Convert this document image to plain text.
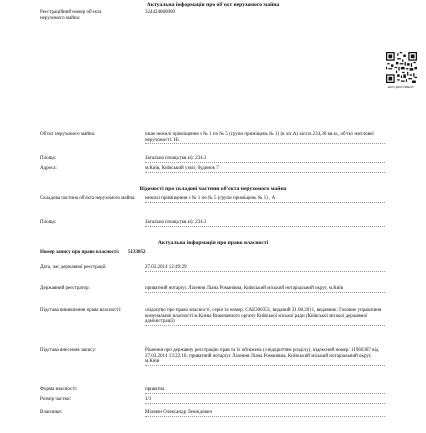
Актуальна інформація про об'єкт нерухомого майна
Реєстраційний номер об'єкта нерухомого майна:
324424880000
ЕКП-ДОКУМЕНТ
Об'єкт нерухомого майна:	інше нежилі приміщення з № 1 по № 5 (групи приміщень № 1) (в літ.А) заг.пл.234,30 кв.м., об'єкт житлової нерухомості: Ні
Площа:	Загальна площа (кв.м): 234.3
Адреса:	м.Київ, Київський узвіз, будинок 7
Відомості про складові частини об'єкта нерухомого майна
Складова частина об'єкта нерухомого майна:	нежилі приміщення з № 1 по № 5 (групи приміщень № 1) , А
Площа:	Загальна площа (кв.м): 234.3
Актуальна інформація про право власності
Номер запису про право власності: 5133052
Дата, час державної реєстрації:	27.03.2014 12:49:29
Державний реєстратор:	приватний нотаріус Лілення Ліана Романівна, Київський міський нотаріальний округ, м.Київ
Підстава виникнення права власності:	свідоцтво про право власності, серія та номер: САЕ300351, виданий 31.08.2011, видавник: Головне управління комунальної власності м.Києва Виконавчого органу Київської міської ради (Київської міської державної адміністрації)
Підстава внесення запису:	Рішення про державну реєстрацію прав та їх обтяжень (з відкриттям розділу), індексний номер: 11966307 від 27.03.2014 13:22:18, приватний нотаріус Лілення Ліана Романівна, Київський міський нотаріальний округ, м.Київ
Форма власності:	приватна
Розмір частки:	1/1
Власники:	Мілевін Олександр Леонідович
